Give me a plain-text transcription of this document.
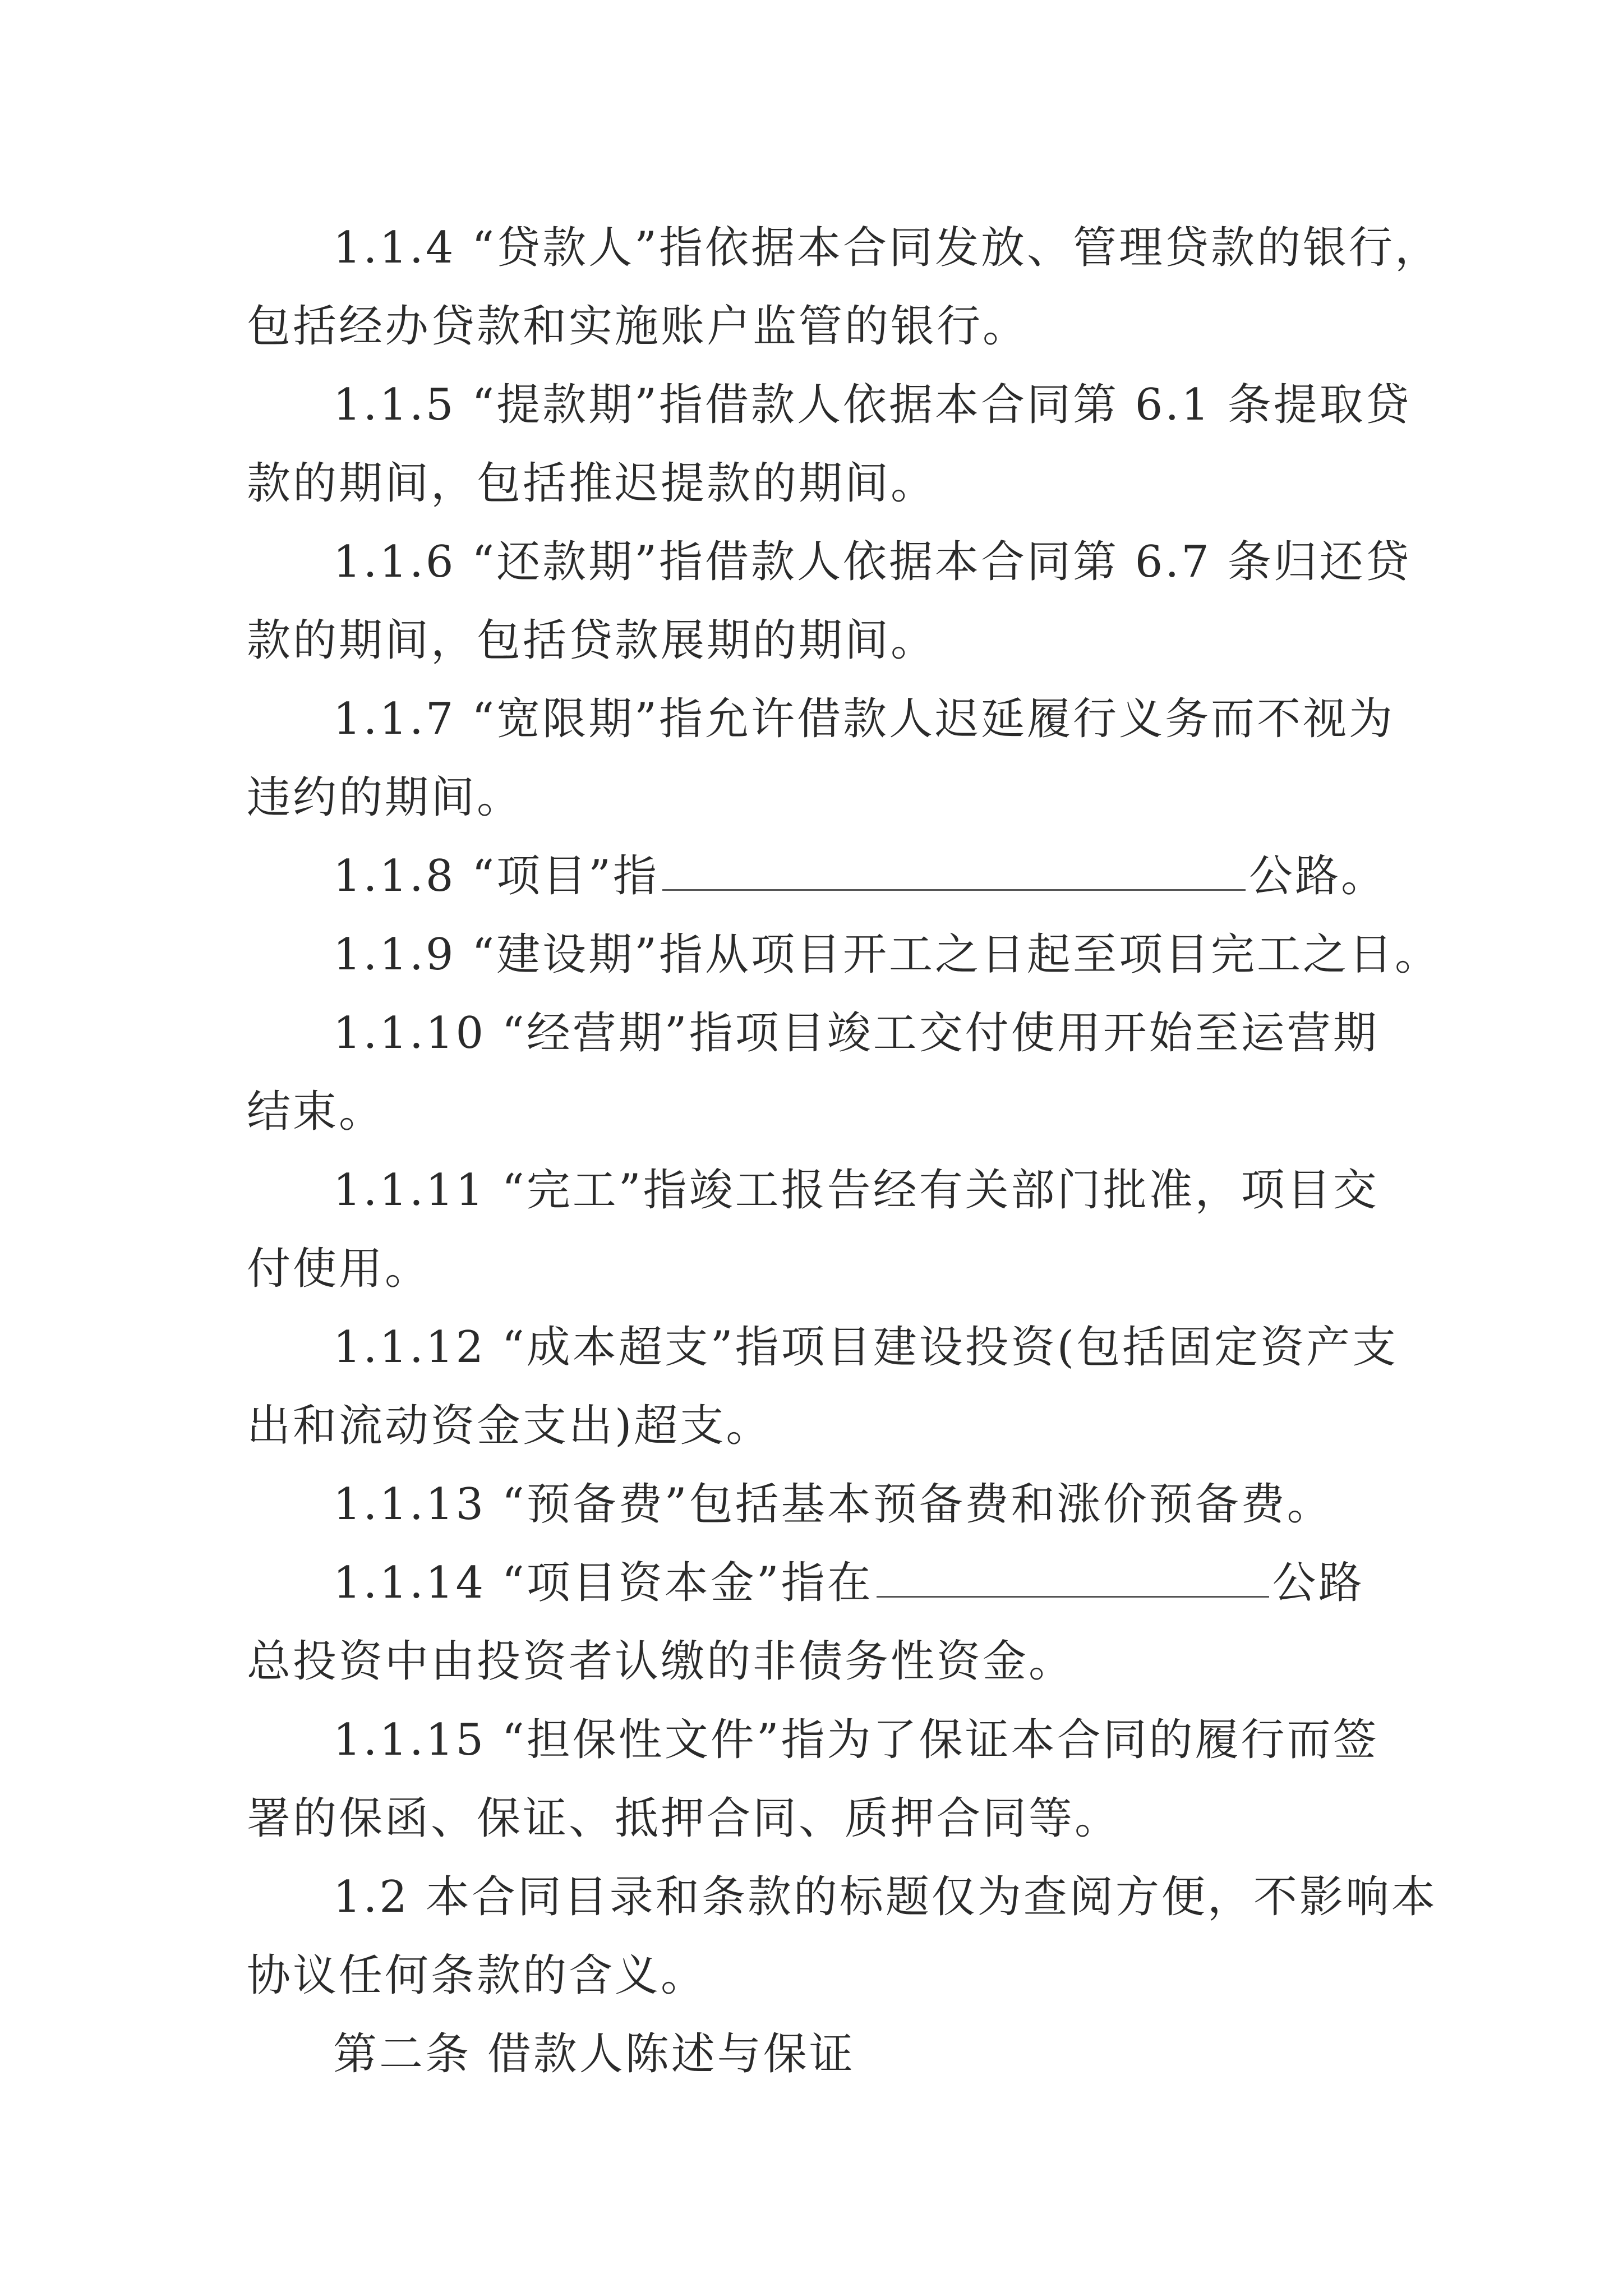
1.1.4 “贷款人”指依据本合同发放、管理贷款的银行，
包括经办贷款和实施账户监管的银行。

1.1.5 “提款期”指借款人依据本合同第 6.1 条提取贷
款的期间，包括推迟提款的期间。

1.1.6 “还款期”指借款人依据本合同第 6.7 条归还贷
款的期间，包括贷款展期的期间。

1.1.7 “宽限期”指允许借款人迟延履行义务而不视为
违约的期间。

1.1.8 “项目”指	公路。

1.1.9 “建设期”指从项目开工之日起至项目完工之日。

1.1.10 “经营期”指项目竣工交付使用开始至运营期
结束。

1.1.11 “完工”指竣工报告经有关部门批准，项目交
付使用。

1.1.12 “成本超支”指项目建设投资(包括固定资产支
出和流动资金支出)超支。

1.1.13 “预备费”包括基本预备费和涨价预备费。

1.1.14 “项目资本金”指在	公路
总投资中由投资者认缴的非债务性资金。

1.1.15 “担保性文件”指为了保证本合同的履行而签
署的保函、保证、抵押合同、质押合同等。

1.2 本合同目录和条款的标题仅为查阅方便，不影响本
协议任何条款的含义。

第二条 借款人陈述与保证
